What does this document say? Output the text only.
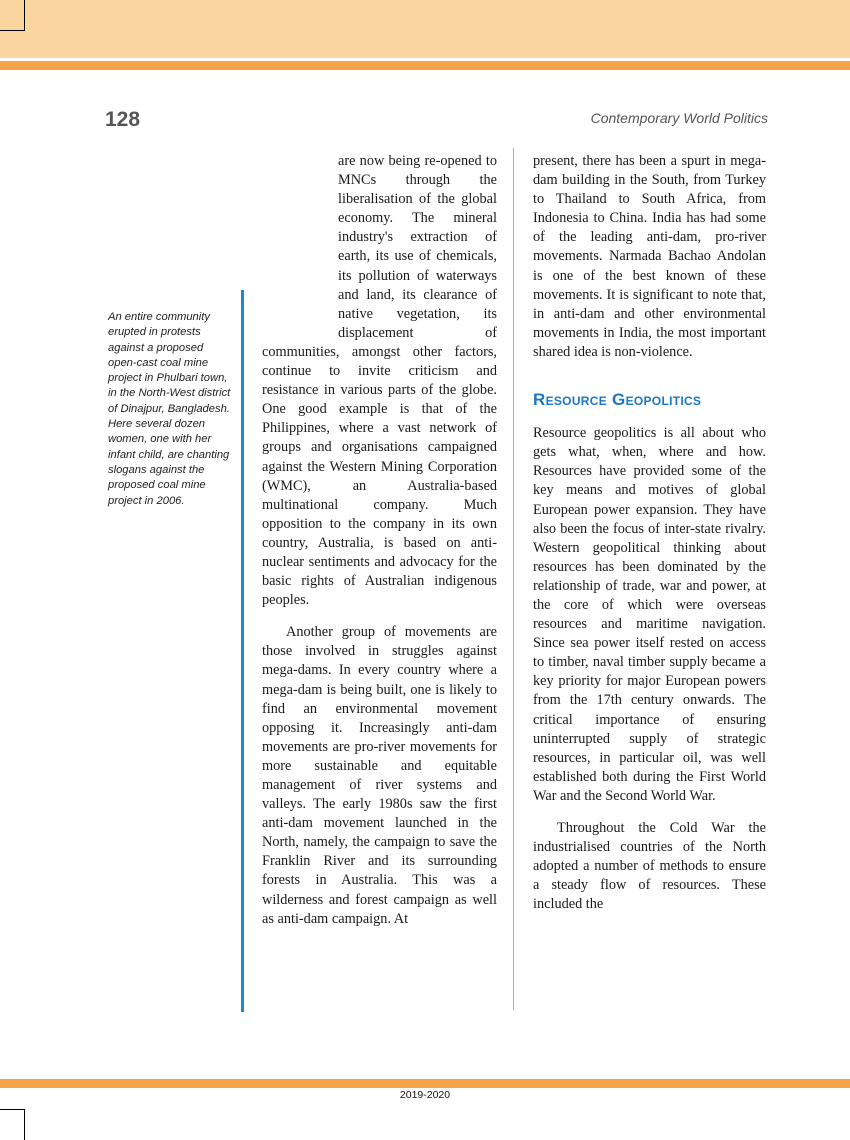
128	Contemporary World Politics
An entire community erupted in protests against a proposed open-cast coal mine project in Phulbari town, in the North-West district of Dinajpur, Bangladesh. Here several dozen women, one with her infant child, are chanting slogans against the proposed coal mine project in 2006.

are now being re-opened to MNCs through the liberalisation of the global economy. The mineral industry's extraction of earth, its use of chemicals, its pollution of waterways and land, its clearance of native vegetation, its displacement of communities, amongst other factors, continue to invite criticism and resistance in various parts of the globe. One good example is that of the Philippines, where a vast network of groups and organisations campaigned against the Western Mining Corporation (WMC), an Australia-based multinational company. Much opposition to the company in its own country, Australia, is based on anti-nuclear sentiments and advocacy for the basic rights of Australian indigenous peoples.

Another group of movements are those involved in struggles against mega-dams. In every country where a mega-dam is being built, one is likely to find an environmental movement opposing it. Increasingly anti-dam movements are pro-river movements for more sustainable and equitable management of river systems and valleys. The early 1980s saw the first anti-dam movement launched in the North, namely, the campaign to save the Franklin River and its surrounding forests in Australia. This was a wilderness and forest campaign as well as anti-dam campaign. At

present, there has been a spurt in mega-dam building in the South, from Turkey to Thailand to South Africa, from Indonesia to China. India has had some of the leading anti-dam, pro-river movements. Narmada Bachao Andolan is one of the best known of these movements. It is significant to note that, in anti-dam and other environmental movements in India, the most important shared idea is non-violence.

Resource Geopolitics

Resource geopolitics is all about who gets what, when, where and how. Resources have provided some of the key means and motives of global European power expansion. They have also been the focus of inter-state rivalry. Western geopolitical thinking about resources has been dominated by the relationship of trade, war and power, at the core of which were overseas resources and maritime navigation. Since sea power itself rested on access to timber, naval timber supply became a key priority for major European powers from the 17th century onwards. The critical importance of ensuring uninterrupted supply of strategic resources, in particular oil, was well established both during the First World War and the Second World War.

Throughout the Cold War the industrialised countries of the North adopted a number of methods to ensure a steady flow of resources. These included the

2019-2020
